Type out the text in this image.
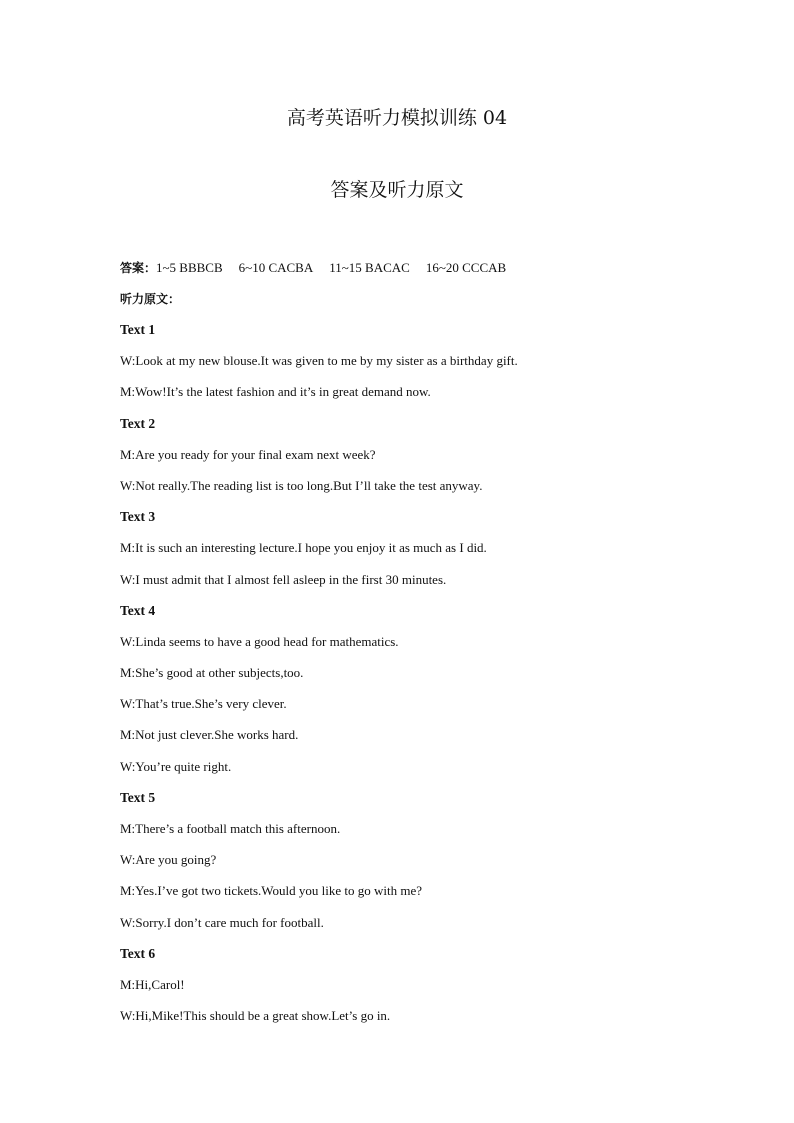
高考英语听力模拟训练 04
答案及听力原文
答案：1~5 BBBCB 6~10 CACBA 11~15 BACAC 16~20 CCCAB
听力原文：
Text 1
W:Look at my new blouse.It was given to me by my sister as a birthday gift.
M:Wow!It’s the latest fashion and it’s in great demand now.
Text 2
M:Are you ready for your final exam next week?
W:Not really.The reading list is too long.But I’ll take the test anyway.
Text 3
M:It is such an interesting lecture.I hope you enjoy it as much as I did.
W:I must admit that I almost fell asleep in the first 30 minutes.
Text 4
W:Linda seems to have a good head for mathematics.
M:She’s good at other subjects,too.
W:That’s true.She’s very clever.
M:Not just clever.She works hard.
W:You’re quite right.
Text 5
M:There’s a football match this afternoon.
W:Are you going?
M:Yes.I’ve got two tickets.Would you like to go with me?
W:Sorry.I don’t care much for football.
Text 6
M:Hi,Carol!
W:Hi,Mike!This should be a great show.Let’s go in.
